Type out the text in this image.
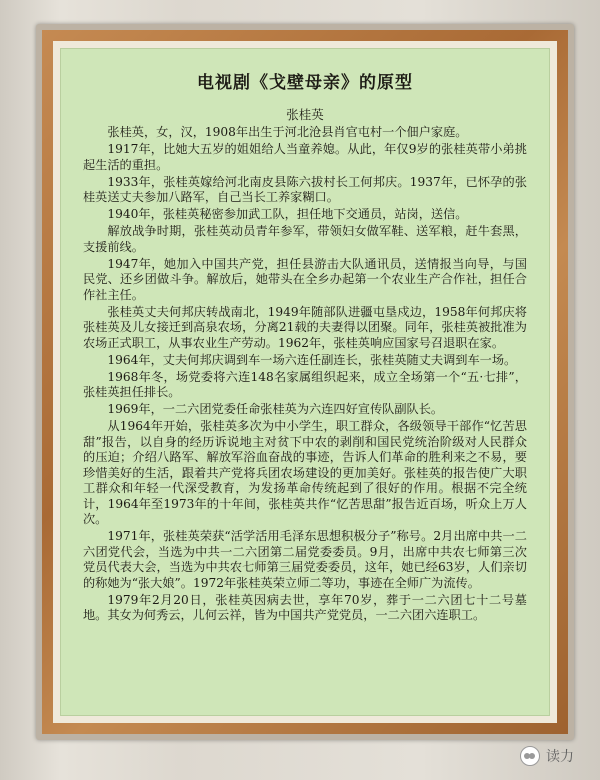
电视剧《戈壁母亲》的原型
张桂英

张桂英，女，汉，1908年出生于河北沧县肖官屯村一个佃户家庭。

1917年，比她大五岁的姐姐给人当童养媳。从此，年仅9岁的张桂英带小弟挑起生活的重担。

1933年，张桂英嫁给河北南皮县陈六拔村长工何邦庆。1937年，已怀孕的张桂英送丈夫参加八路军，自己当长工养家糊口。

1940年，张桂英秘密参加武工队，担任地下交通员，站岗，送信。

解放战争时期，张桂英动员青年参军，带领妇女做军鞋、送军粮，赶牛套黑，支援前线。

1947年，她加入中国共产党，担任县游击大队通讯员，送情报当向导，与国民党、还乡团做斗争。解放后，她带头在全乡办起第一个农业生产合作社，担任合作社主任。

张桂英丈夫何邦庆转战南北，1949年随部队进疆屯垦戍边，1958年何邦庆将张桂英及儿女接迁到高泉农场，分离21载的夫妻得以团聚。同年，张桂英被批准为农场正式职工，从事农业生产劳动。1962年，张桂英响应国家号召退职在家。

1964年，丈夫何邦庆调到车一场六连任副连长，张桂英随丈夫调到车一场。

1968年冬，场党委将六连148名家属组织起来，成立全场第一个“五·七排”，张桂英担任排长。

1969年，一二六团党委任命张桂英为六连四好宣传队副队长。

从1964年开始，张桂英多次为中小学生，职工群众，各级领导干部作“忆苦思甜”报告，以自身的经历诉说地主对贫下中农的剥削和国民党统治阶级对人民群众的压迫；介绍八路军、解放军浴血奋战的事迹，告诉人们革命的胜利来之不易，要珍惜美好的生活，跟着共产党将兵团农场建设的更加美好。张桂英的报告使广大职工群众和年轻一代深受教育，为发扬革命传统起到了很好的作用。根据不完全统计，1964年至1973年的十年间，张桂英共作“忆苦思甜”报告近百场，听众上万人次。

1971年，张桂英荣获“活学活用毛泽东思想积极分子”称号。2月出席中共一二六团党代会，当选为中共一二六团第二届党委委员。9月，出席中共农七师第三次党员代表大会，当选为中共农七师第三届党委委员，这年，她已经63岁，人们亲切的称她为“张大娘”。1972年张桂英荣立师二等功，事迹在全师广为流传。

1979年2月20日，张桂英因病去世，享年70岁，葬于一二六团七十二号墓地。其女为何秀云，儿何云祥，皆为中国共产党党员，一二六团六连职工。

读力
